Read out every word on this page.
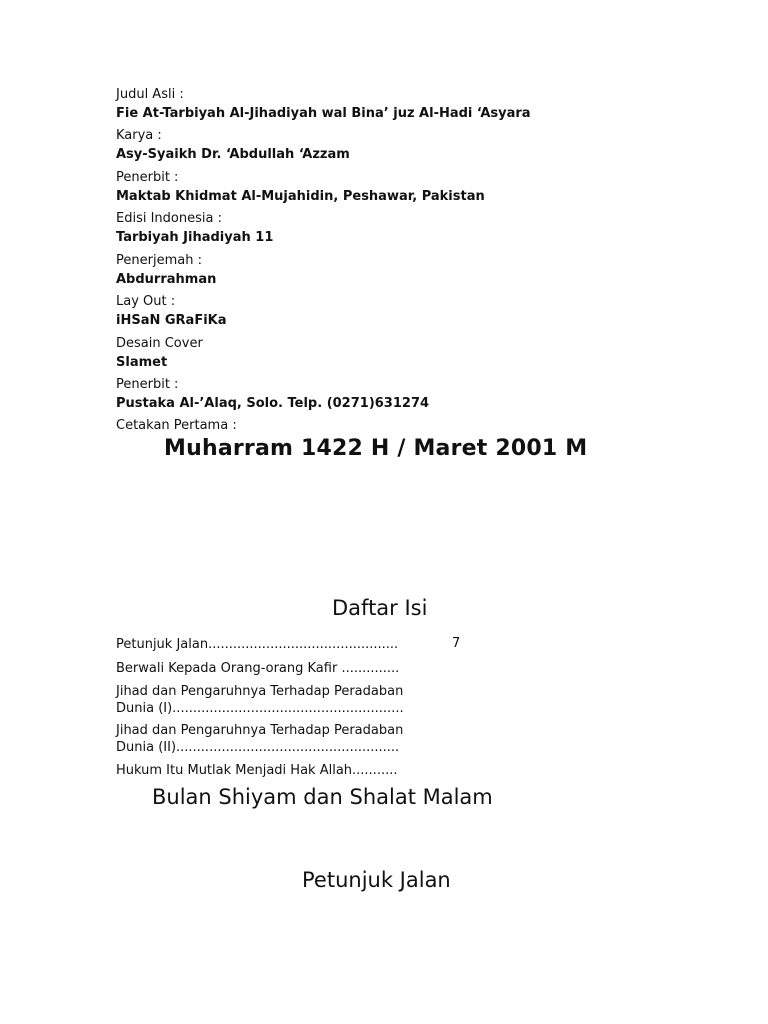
Judul Asli :
Fie At-Tarbiyah Al-Jihadiyah wal Bina’ juz Al-Hadi ‘Asyara
Karya :
Asy-Syaikh Dr. ‘Abdullah ‘Azzam
Penerbit :
Maktab Khidmat Al-Mujahidin, Peshawar, Pakistan
Edisi Indonesia :
Tarbiyah Jihadiyah 11
Penerjemah :
Abdurrahman
Lay Out :
iHSaN GRaFiKa
Desain Cover
Slamet
Penerbit :
Pustaka Al-’Alaq, Solo. Telp. (0271)631274
Cetakan Pertama :
Muharram 1422 H / Maret 2001 M
Daftar Isi
Petunjuk Jalan..............................................	7
Berwali Kepada Orang-orang Kafir ..............
Jihad dan Pengaruhnya Terhadap Peradaban
Dunia (I)........................................................
Jihad dan Pengaruhnya Terhadap Peradaban
Dunia (II)......................................................
Hukum Itu Mutlak Menjadi Hak Allah...........
Bulan Shiyam dan Shalat Malam
Petunjuk Jalan
